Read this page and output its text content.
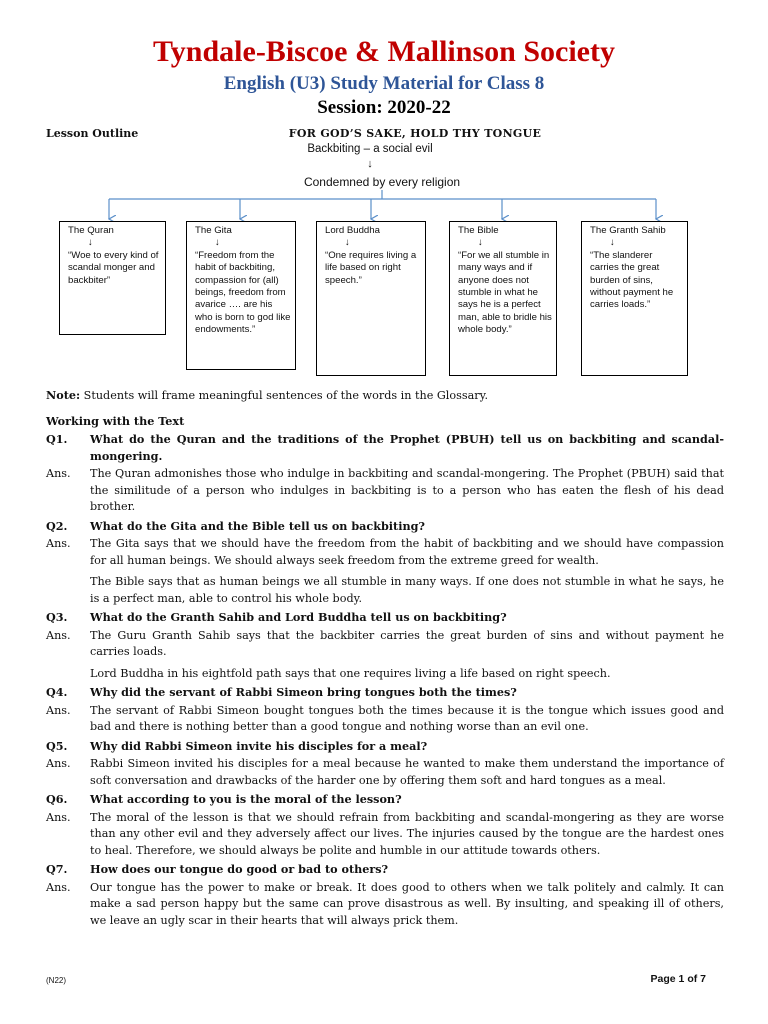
Tyndale-Biscoe & Mallinson Society
English (U3) Study Material for Class 8
Session: 2020-22
Lesson Outline	FOR GOD’S SAKE, HOLD THY TONGUE
Backbiting – a social evil
↓
Condemned by every religion
The Quran
↓
“Woe to every kind of scandal monger and backbiter”
The Gita
↓
“Freedom from the habit of backbiting, compassion for (all) beings, freedom from avarice …. are his who is born to god like endowments.”
Lord Buddha
↓
“One requires living a life based on right speech.”
The Bible
↓
“For we all stumble in many ways and if anyone does not stumble in what he says he is a perfect man, able to bridle his whole body.”
The Granth Sahib
↓
“The slanderer carries the great burden of sins, without payment he carries loads.”
Note: Students will frame meaningful sentences of the words in the Glossary.
Working with the Text
Q1.	What do the Quran and the traditions of the Prophet (PBUH) tell us on backbiting and scandal-mongering.
Ans.	The Quran admonishes those who indulge in backbiting and scandal-mongering. The Prophet (PBUH) said that the similitude of a person who indulges in backbiting is to a person who has eaten the flesh of his dead brother.
Q2.	What do the Gita and the Bible tell us on backbiting?
Ans.	The Gita says that we should have the freedom from the habit of backbiting and we should have compassion for all human beings. We should always seek freedom from the extreme greed for wealth.
The Bible says that as human beings we all stumble in many ways. If one does not stumble in what he says, he is a perfect man, able to control his whole body.
Q3.	What do the Granth Sahib and Lord Buddha tell us on backbiting?
Ans.	The Guru Granth Sahib says that the backbiter carries the great burden of sins and without payment he carries loads.
Lord Buddha in his eightfold path says that one requires living a life based on right speech.
Q4.	Why did the servant of Rabbi Simeon bring tongues both the times?
Ans.	The servant of Rabbi Simeon bought tongues both the times because it is the tongue which issues good and bad and there is nothing better than a good tongue and nothing worse than an evil one.
Q5.	Why did Rabbi Simeon invite his disciples for a meal?
Ans.	Rabbi Simeon invited his disciples for a meal because he wanted to make them understand the importance of soft conversation and drawbacks of the harder one by offering them soft and hard tongues as a meal.
Q6.	What according to you is the moral of the lesson?
Ans.	The moral of the lesson is that we should refrain from backbiting and scandal-mongering as they are worse than any other evil and they adversely affect our lives. The injuries caused by the tongue are the hardest ones to heal. Therefore, we should always be polite and humble in our attitude towards others.
Q7.	How does our tongue do good or bad to others?
Ans.	Our tongue has the power to make or break. It does good to others when we talk politely and calmly. It can make a sad person happy but the same can prove disastrous as well. By insulting, and speaking ill of others, we leave an ugly scar in their hearts that will always prick them.
(N22)	Page 1 of 7
